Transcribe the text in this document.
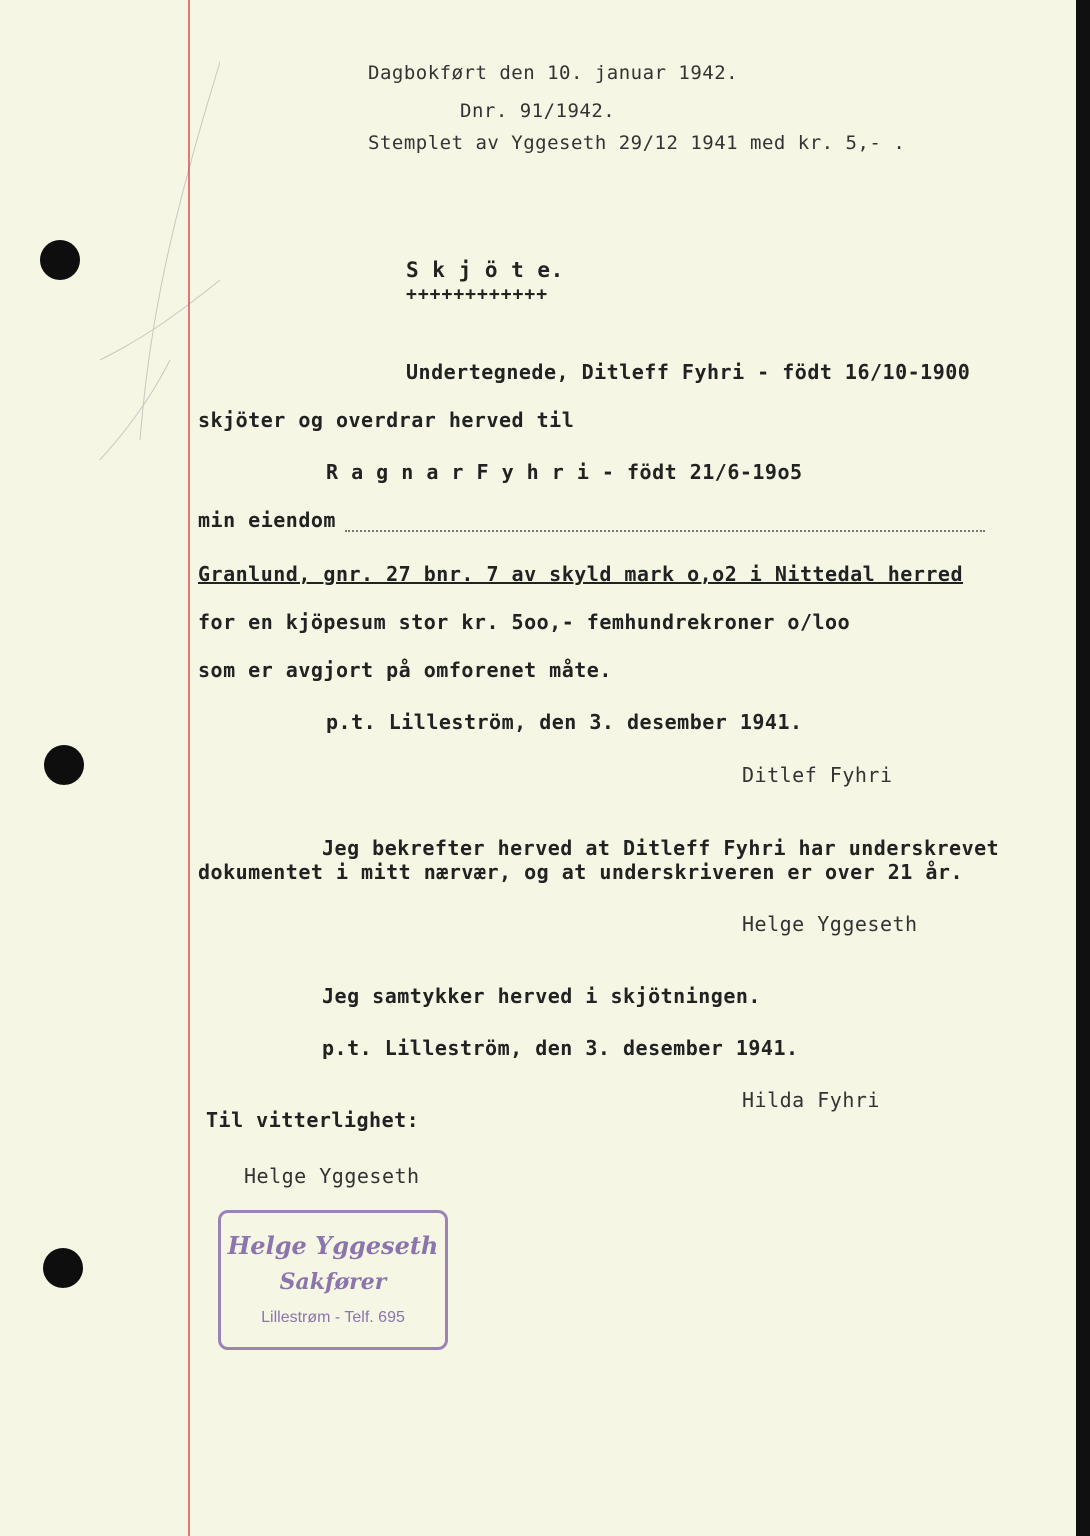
Dagbokført den 10. januar 1942.
Dnr. 91/1942.
Stemplet av Yggeseth 29/12 1941 med kr. 5,- .
S k j ö t e.
++++++++++++
Undertegnede, Ditleff Fyhri - födt 16/10-1900
skjöter og overdrar herved til
R a g n a r F y h r i - födt 21/6-19o5
min eiendom
Granlund, gnr. 27 bnr. 7 av skyld mark o,o2 i Nittedal herred
for en kjöpesum stor kr. 5oo,- femhundrekroner o/loo
som er avgjort på omforenet måte.
p.t. Lilleström, den 3. desember 1941.
Ditlef Fyhri
Jeg bekrefter herved at Ditleff Fyhri har underskrevet
dokumentet i mitt nærvær, og at underskriveren er over 21 år.
Helge Yggeseth
Jeg samtykker herved i skjötningen.
p.t. Lilleström, den 3. desember 1941.
Hilda Fyhri
Til vitterlighet:
Helge Yggeseth
Helge Yggeseth
Sakfører
Lillestrøm - Telf. 695
